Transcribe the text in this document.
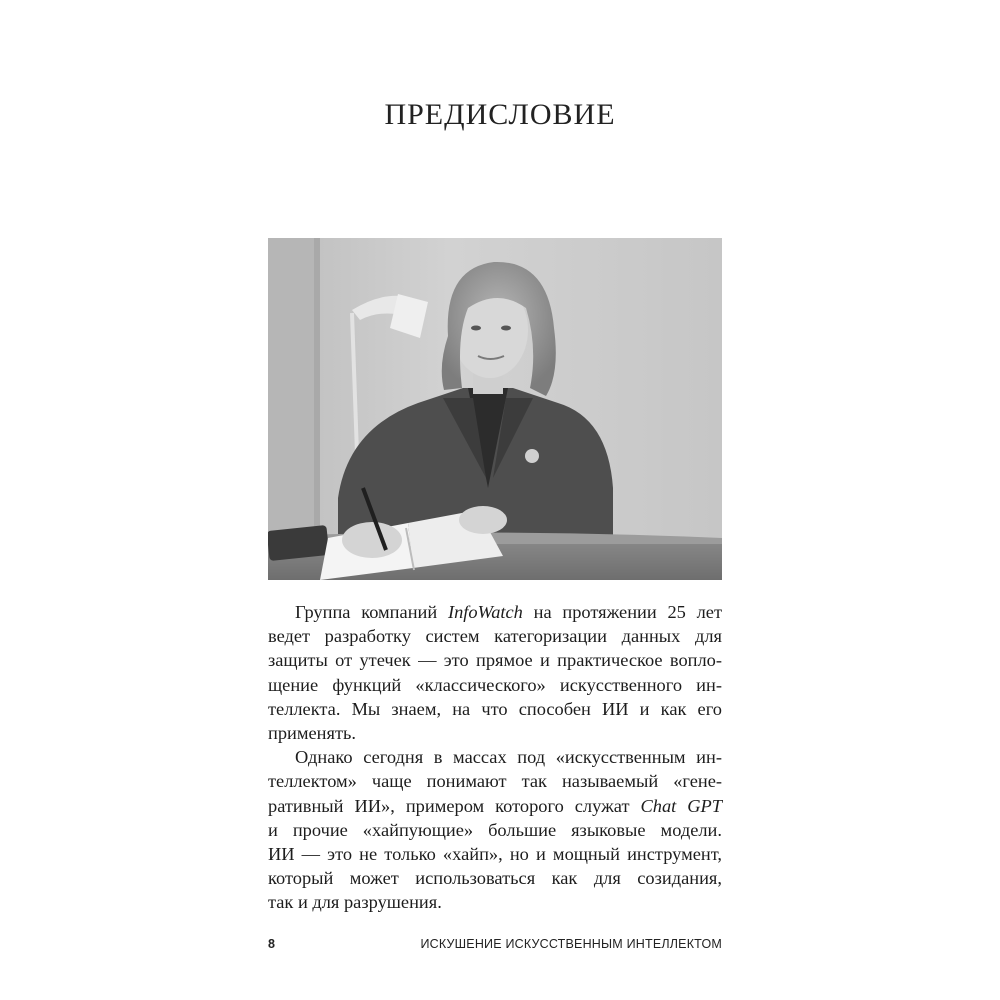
ПРЕДИСЛОВИЕ
Группа компаний InfoWatch на протяжении 25 лет
ведет разработку систем категоризации данных для
защиты от утечек — это прямое и практическое вопло-
щение функций «классического» искусственного ин-
теллекта. Мы знаем, на что способен ИИ и как его
применять.
Однако сегодня в массах под «искусственным ин-
теллектом» чаще понимают так называемый «гене-
ративный ИИ», примером которого служат Chat GPT
и прочие «хайпующие» большие языковые модели.
ИИ — это не только «хайп», но и мощный инструмент,
который может использоваться как для созидания,
так и для разрушения.
8	ИСКУШЕНИЕ ИСКУССТВЕННЫМ ИНТЕЛЛЕКТОМ
